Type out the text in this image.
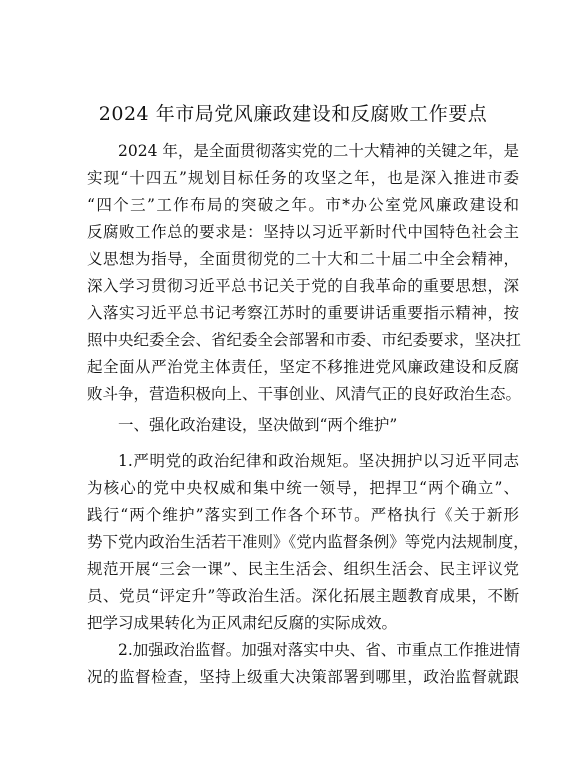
2024 年市局党风廉政建设和反腐败工作要点
2024 年，是全面贯彻落实党的二十大精神的关键之年，是
实现“十四五”规划目标任务的攻坚之年，也是深入推进市委
“四个三”工作布局的突破之年。市*办公室党风廉政建设和
反腐败工作总的要求是：坚持以习近平新时代中国特色社会主
义思想为指导，全面贯彻党的二十大和二十届二中全会精神，
深入学习贯彻习近平总书记关于党的自我革命的重要思想，深
入落实习近平总书记考察江苏时的重要讲话重要指示精神，按
照中央纪委全会、省纪委全会部署和市委、市纪委要求，坚决扛
起全面从严治党主体责任，坚定不移推进党风廉政建设和反腐
败斗争，营造积极向上、干事创业、风清气正的良好政治生态。
一、强化政治建设，坚决做到“两个维护”
1.严明党的政治纪律和政治规矩。坚决拥护以习近平同志
为核心的党中央权威和集中统一领导，把捍卫“两个确立”、
践行“两个维护”落实到工作各个环节。严格执行《关于新形
势下党内政治生活若干准则》《党内监督条例》等党内法规制度，
规范开展“三会一课”、民主生活会、组织生活会、民主评议党
员、党员“评定升”等政治生活。深化拓展主题教育成果，不断
把学习成果转化为正风肃纪反腐的实际成效。
2.加强政治监督。加强对落实中央、省、市重点工作推进情
况的监督检查，坚持上级重大决策部署到哪里，政治监督就跟
